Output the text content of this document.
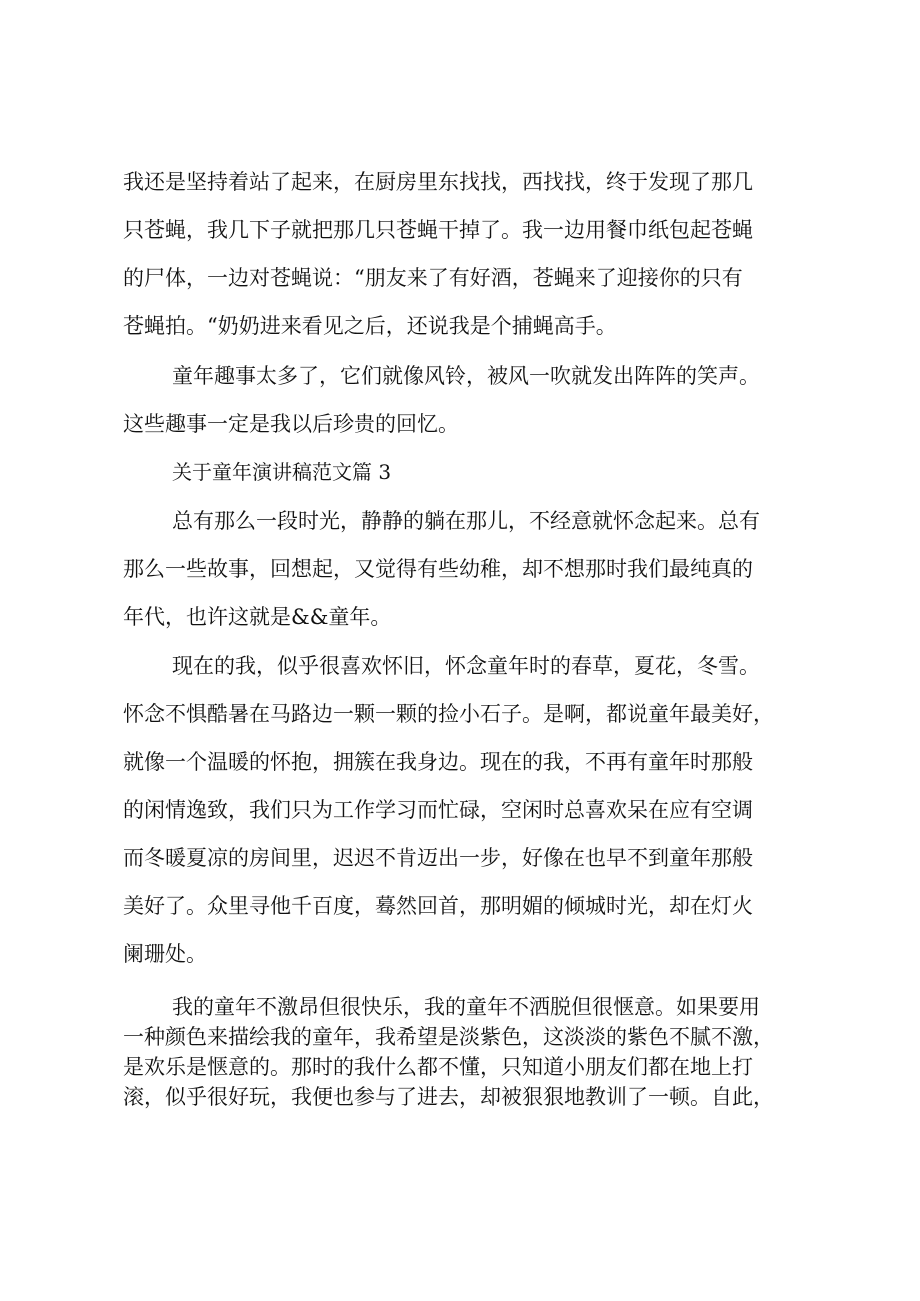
我还是坚持着站了起来，在厨房里东找找，西找找，终于发现了那几
只苍蝇，我几下子就把那几只苍蝇干掉了。我一边用餐巾纸包起苍蝇
的尸体，一边对苍蝇说：“朋友来了有好酒，苍蝇来了迎接你的只有
苍蝇拍。“奶奶进来看见之后，还说我是个捕蝇高手。
童年趣事太多了，它们就像风铃，被风一吹就发出阵阵的笑声。
这些趣事一定是我以后珍贵的回忆。
关于童年演讲稿范文篇 3
总有那么一段时光，静静的躺在那儿，不经意就怀念起来。总有
那么一些故事，回想起，又觉得有些幼稚，却不想那时我们最纯真的
年代，也许这就是&&童年。
现在的我，似乎很喜欢怀旧，怀念童年时的春草，夏花，冬雪。
怀念不惧酷暑在马路边一颗一颗的捡小石子。是啊，都说童年最美好，
就像一个温暖的怀抱，拥簇在我身边。现在的我，不再有童年时那般
的闲情逸致，我们只为工作学习而忙碌，空闲时总喜欢呆在应有空调
而冬暖夏凉的房间里，迟迟不肯迈出一步，好像在也早不到童年那般
美好了。众里寻他千百度，蓦然回首，那明媚的倾城时光，却在灯火
阑珊处。
我的童年不激昂但很快乐，我的童年不洒脱但很惬意。如果要用
一种颜色来描绘我的童年，我希望是淡紫色，这淡淡的紫色不腻不激，
是欢乐是惬意的。那时的我什么都不懂，只知道小朋友们都在地上打
滚，似乎很好玩，我便也参与了进去，却被狠狠地教训了一顿。自此，
